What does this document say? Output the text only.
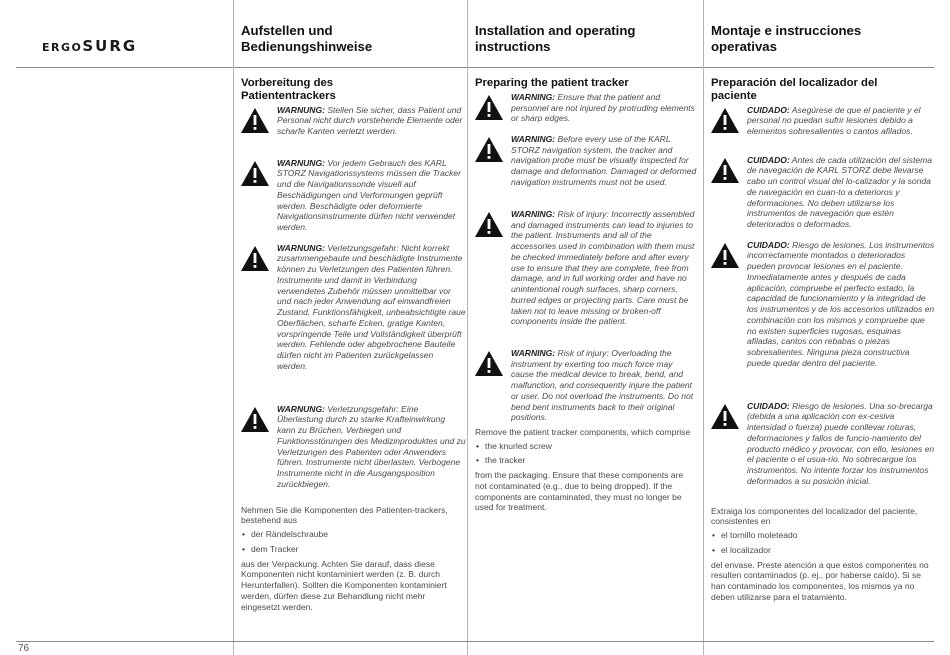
ERGOSURG
Aufstellen und
Bedienungshinweise
Installation and operating
instructions
Montaje e instrucciones
operativas
Vorbereitung des
Patiententrackers

WARNUNG: Stellen Sie sicher, dass Patient und Personal nicht durch vorstehende Elemente oder scharfe Kanten verletzt werden.

WARNUNG: Vor jedem Gebrauch des KARL STORZ Navigationssystems müssen die Tracker und die Navigationssonde visuell auf Beschädigungen und Verformungen geprüft werden. Beschädigte oder deformierte Navigationsinstrumente dürfen nicht verwendet werden.

WARNUNG: Verletzungsgefahr: Nicht korrekt zusammengebaute und beschädigte Instrumente können zu Verletzungen des Patienten führen. Instrumente und damit in Verbindung verwendetes Zubehör müssen unmittelbar vor und nach jeder Anwendung auf einwandfreien Zustand, Funktionsfähigkeit, unbeabsichtigte raue Oberflächen, scharfe Ecken, gratige Kanten, vorspringende Teile und Vollständigkeit überprüft werden. Fehlende oder abgebrochene Bauteile dürfen nicht im Patienten zurückgelassen werden.

WARNUNG: Verletzungsgefahr: Eine Überlastung durch zu starke Krafteinwirkung kann zu Brüchen, Verbiegen und Funktionsstörungen des Medizinproduktes und zu Verletzungen des Patienten oder Anwenders führen. Instrumente nicht überlasten. Verbogene Instrumente nicht in die Ausgangsposition zurückbiegen.

Nehmen Sie die Komponenten des Patienten-trackers, bestehend aus

• der Rändelschraube
• dem Tracker

aus der Verpackung. Achten Sie darauf, dass diese Komponenten nicht kontaminiert werden (z. B. durch Herunterfallen). Sollten die Komponenten kontaminiert werden, dürfen diese zur Behandlung nicht mehr eingesetzt werden.

Preparing the patient tracker

WARNING: Ensure that the patient and personnel are not injured by protruding elements or sharp edges.

WARNING: Before every use of the KARL STORZ navigation system, the tracker and navigation probe must be visually inspected for damage and deformation. Damaged or deformed navigation instruments must not be used.

WARNING: Risk of injury: Incorrectly assembled and damaged instruments can lead to injuries to the patient. Instruments and all of the accessories used in combination with them must be checked immediately before and after every use to ensure that they are complete, free from damage, and in full working order and have no unintentional rough surfaces, sharp corners, burred edges or projecting parts. Care must be taken not to leave missing or broken-off components inside the patient.

WARNING: Risk of injury: Overloading the instrument by exerting too much force may cause the medical device to break, bend, and malfunction, and consequently injure the patient or user. Do not overload the instruments. Do not bend bent instruments back to their original positions.

Remove the patient tracker components, which comprise

• the knurled screw
• the tracker

from the packaging. Ensure that these components are not contaminated (e.g., due to being dropped). If the components are contaminated, they must no longer be used for treatment.

Preparación del localizador del
paciente

CUIDADO: Asegúrese de que el paciente y el personal no puedan sufrir lesiones debido a elementos sobresalientes o cantos afilados.

CUIDADO: Antes de cada utilización del sistema de navegación de KARL STORZ debe llevarse cabo un control visual del lo-calizador y la sonda de navegación en cuan-to a deterioros y deformaciones. No deben utilizarse los instrumentos de navegación que estén deteriorados o deformados.

CUIDADO: Riesgo de lesiones. Los instrumentos incorrectamente montados o deteriorados pueden provocar lesiones en el paciente. Inmediatamente antes y después de cada aplicación, compruebe el perfecto estado, la capacidad de funcionamiento y la integridad de los instrumentos y de los accesorios utilizados en combinación con los mismos y compruebe que no existen superficies rugosas, esquinas afiladas, cantos con rebabas o piezas sobresalientes. Ninguna pieza constructiva puede quedar dentro del paciente.

CUIDADO: Riesgo de lesiones. Una so-brecarga (debida a una aplicación con ex-cesiva intensidad o fuerza) puede conllevar roturas, deformaciones y fallos de funcio-namiento del producto médico y provocar, con ello, lesiones en el paciente o el usua-rio. No sobrecargue los instrumentos. No intente forzar los instrumentos deformados a su posición inicial.

Extraiga los componentes del localizador del paciente, consistentes en

• el tornillo moleteado
• el localizador

del envase. Preste atención a que estos componentes no resulten contaminados (p. ej., por haberse caído). Si se han contaminado los componentes, los mismos ya no deben utilizarse para el tratamiento.

76
